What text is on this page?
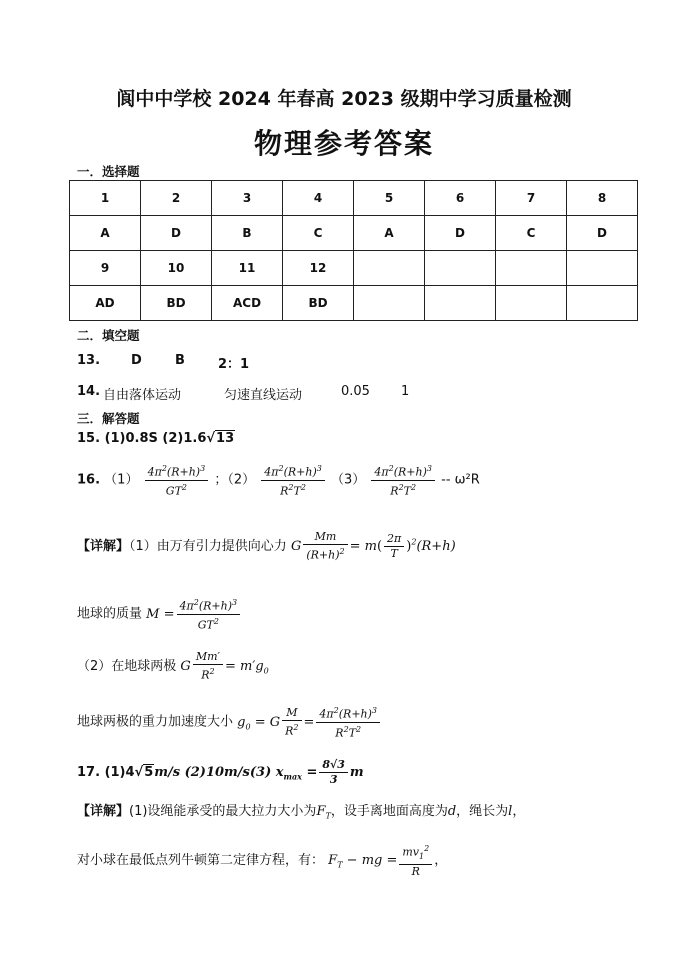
阆中中学校 2024 年春高 2023 级期中学习质量检测
物理参考答案
一．选择题
1	2	3	4	5	6	7	8
A	D	B	C	A	D	C	D
9	10	11	12				
AD	BD	ACD	BD				
二．填空题
13. D	B	2：1
14. 自由落体运动	匀速直线运动	0.05 1
三．解答题
15. (1)0.8S (2)1.6√13
16. $(1) \frac{4\pi^2(R+h)^3}{GT^2}$ ；$(2) \frac{4\pi^2(R+h)^3}{R^2T^2} (3) \frac{4\pi^2(R+h)^3}{R^2T^2} -- \omega^2R$
【详解】（1）由万有引力提供向心力 G $\frac{Mm}{(R+h)^2} = m( \frac{2\pi}{T} )^2(R+h)$
地球的质量 $M = \frac{4\pi^2(R+h)^3}{GT^2}$
（2）在地球两极 G $\frac{Mm'}{R^2} = m'g_0$
地球两极的重力加速度大小 $g_0 = G \frac{M}{R^2} = \frac{4\pi^2(R+h)^3}{R^2T^2}$
17. (1)4√5m/s (2)10m/s(3) $x_{max} = \frac{8√3}{3}$ m
【详解】(1)设绳能承受的最大拉力大小为$F_T$，设手离地面高度为d，绳长为l，
对小球在最低点列牛顿第二定律方程，有： $F_T$ − mg = $\frac{mv_1^2}{R}$ ，
